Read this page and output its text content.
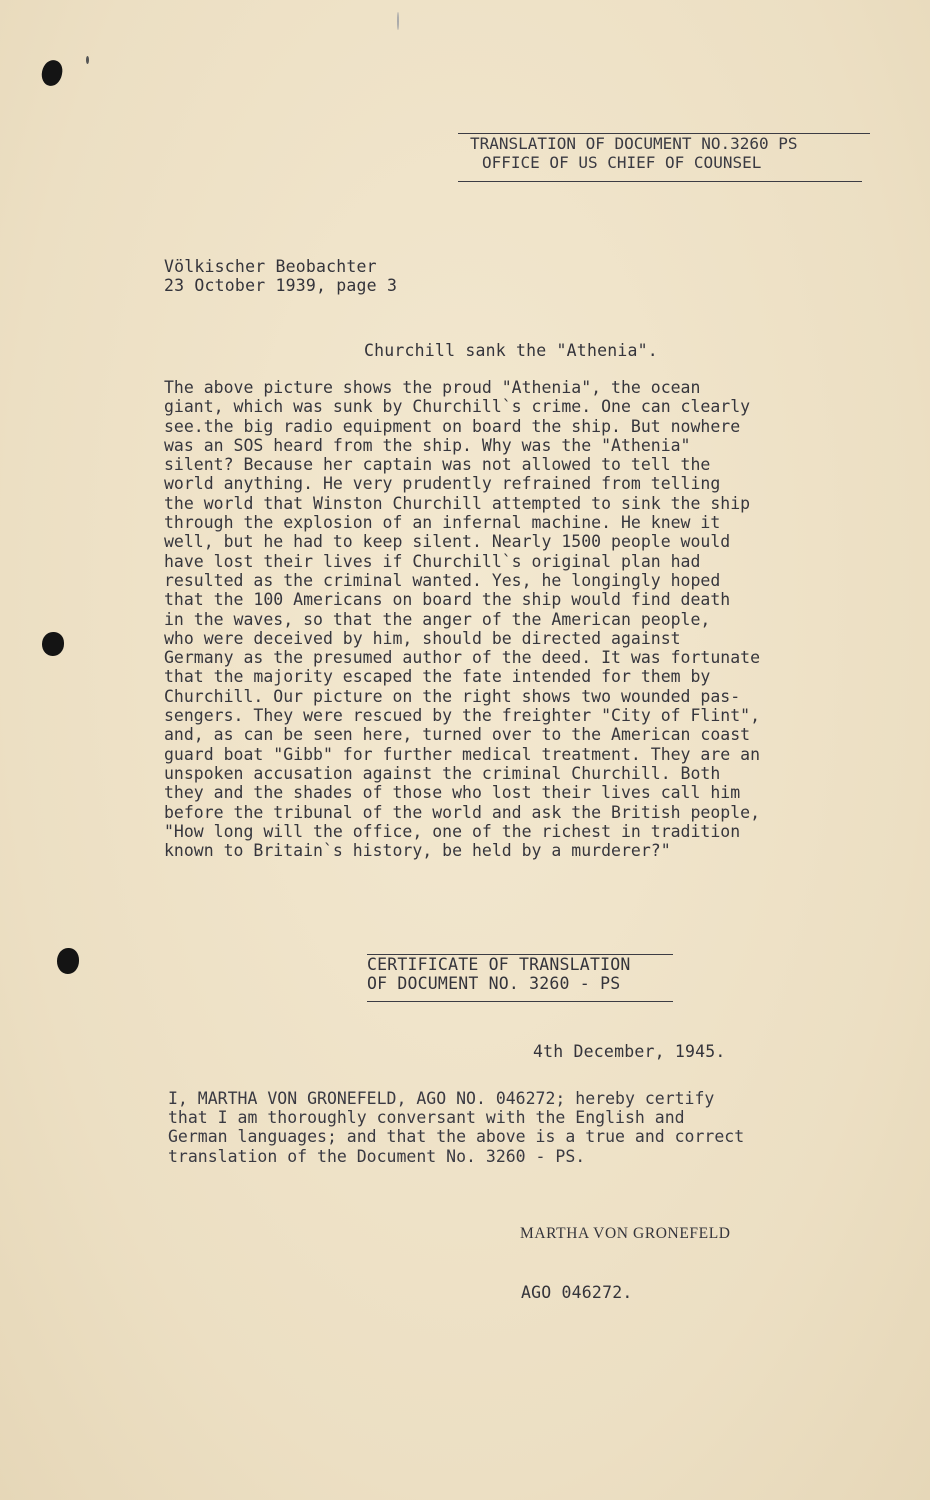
TRANSLATION OF DOCUMENT NO.3260 PS
OFFICE OF US CHIEF OF COUNSEL
Völkischer Beobachter
23 October 1939, page 3
Churchill sank the "Athenia".
The above picture shows the proud "Athenia", the ocean
giant, which was sunk by Churchill`s crime. One can clearly
see.the big radio equipment on board the ship. But nowhere
was an SOS heard from the ship. Why was the "Athenia"
silent? Because her captain was not allowed to tell the
world anything. He very prudently refrained from telling
the world that Winston Churchill attempted to sink the ship
through the explosion of an infernal machine. He knew it
well, but he had to keep silent. Nearly 1500 people would
have lost their lives if Churchill`s original plan had
resulted as the criminal wanted. Yes, he longingly hoped
that the 100 Americans on board the ship would find death
in the waves, so that the anger of the American people,
who were deceived by him, should be directed against
Germany as the presumed author of the deed. It was fortunate
that the majority escaped the fate intended for them by
Churchill. Our picture on the right shows two wounded pas-
sengers. They were rescued by the freighter "City of Flint",
and, as can be seen here, turned over to the American coast
guard boat "Gibb" for further medical treatment. They are an
unspoken accusation against the criminal Churchill. Both
they and the shades of those who lost their lives call him
before the tribunal of the world and ask the British people,
"How long will the office, one of the richest in tradition
known to Britain`s history, be held by a murderer?"
CERTIFICATE OF TRANSLATION
OF DOCUMENT NO. 3260 - PS
4th December, 1945.
I, MARTHA VON GRONEFELD, AGO NO. 046272; hereby certify
that I am thoroughly conversant with the English and
German languages; and that the above is a true and correct
translation of the Document No. 3260 - PS.
MARTHA VON GRONEFELD
AGO 046272.
